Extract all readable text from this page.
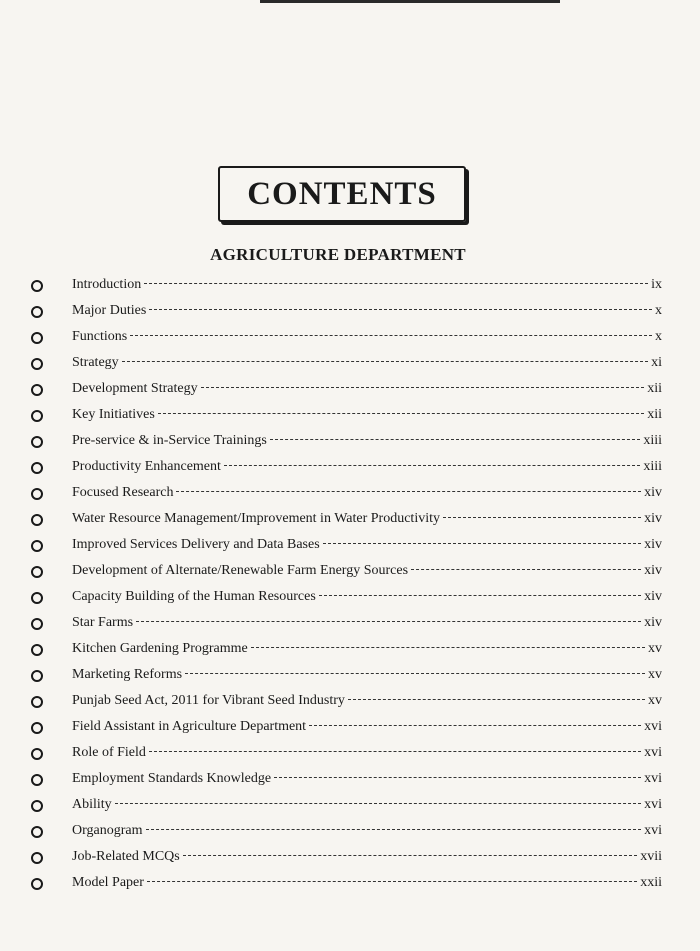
CONTENTS
AGRICULTURE DEPARTMENT
Introduction	ix
Major Duties	x
Functions	x
Strategy	xi
Development Strategy	xii
Key Initiatives	xii
Pre-service & in-Service Trainings	xiii
Productivity Enhancement	xiii
Focused Research	xiv
Water Resource Management/Improvement in Water Productivity	xiv
Improved Services Delivery and Data Bases	xiv
Development of Alternate/Renewable Farm Energy Sources	xiv
Capacity Building of the Human Resources	xiv
Star Farms	xiv
Kitchen Gardening Programme	xv
Marketing Reforms	xv
Punjab Seed Act, 2011 for Vibrant Seed Industry	xv
Field Assistant in Agriculture Department	xvi
Role of Field	xvi
Employment Standards Knowledge	xvi
Ability	xvi
Organogram	xvi
Job-Related MCQs	xvii
Model Paper	xxii
